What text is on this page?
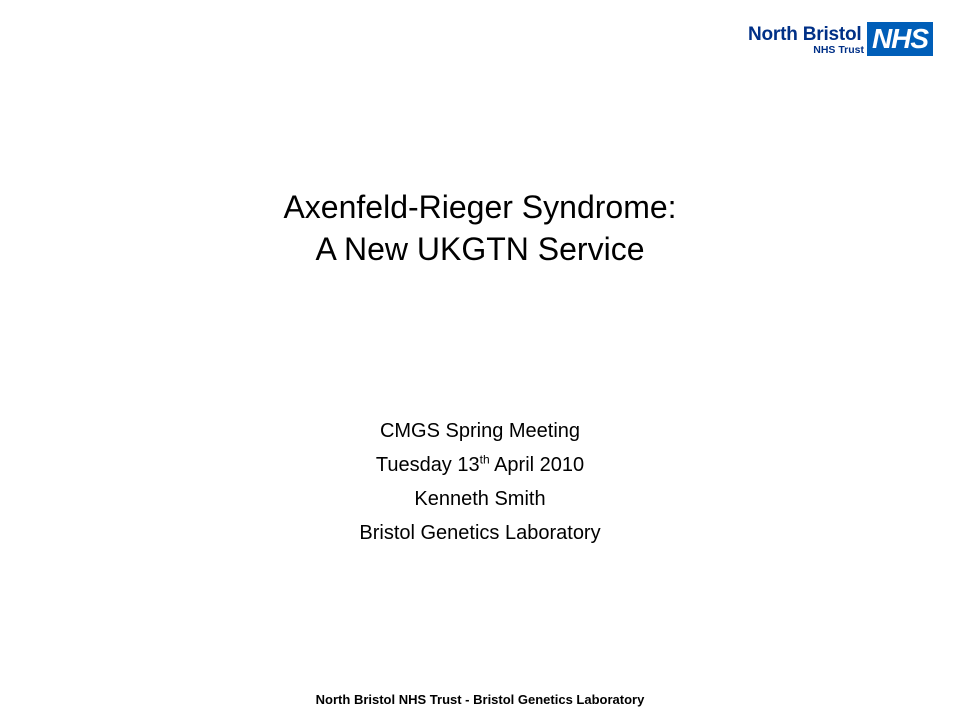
North Bristol
NHS Trust NHS
Axenfeld-Rieger Syndrome:
A New UKGTN Service
CMGS Spring Meeting
Tuesday 13th April 2010
Kenneth Smith
Bristol Genetics Laboratory
North Bristol NHS Trust - Bristol Genetics Laboratory
